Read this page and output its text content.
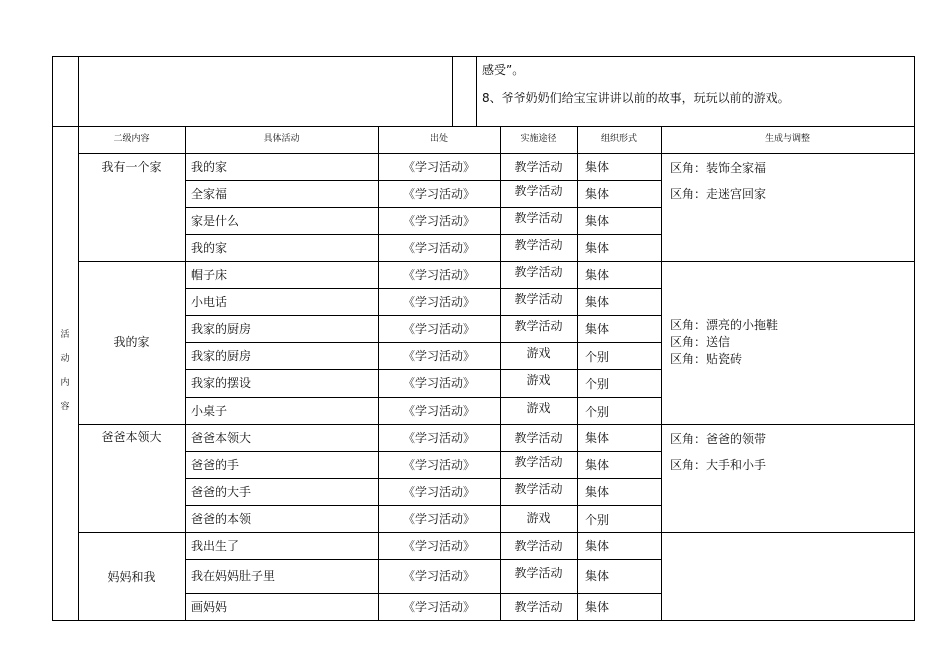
感受”。
8、爷爷奶奶们给宝宝讲讲以前的故事，玩玩以前的游戏。
二级内容	具体活动	出处	实施途径	组织形式	生成与调整
活
动
内
容
我有一个家	我的家	《学习活动》	教学活动	集体
全家福	《学习活动》	教学活动	集体
家是什么	《学习活动》	教学活动	集体
我的家	《学习活动》	教学活动	集体
区角：装饰全家福
区角：走迷宫回家
我的家
帽子床	《学习活动》	教学活动	集体
小电话	《学习活动》	教学活动	集体
我家的厨房	《学习活动》	教学活动	集体
我家的厨房	《学习活动》	游戏	个别
我家的摆设	《学习活动》	游戏	个别
小桌子	《学习活动》	游戏	个别
区角：漂亮的小拖鞋
区角：送信
区角：贴瓷砖
爸爸本领大	爸爸本领大	《学习活动》	教学活动	集体
爸爸的手	《学习活动》	教学活动	集体
爸爸的大手	《学习活动》	教学活动	集体
爸爸的本领	《学习活动》	游戏	个别
区角：爸爸的领带
区角：大手和小手
妈妈和我
我出生了	《学习活动》	教学活动	集体
我在妈妈肚子里	《学习活动》	教学活动	集体
画妈妈	《学习活动》	教学活动	集体
